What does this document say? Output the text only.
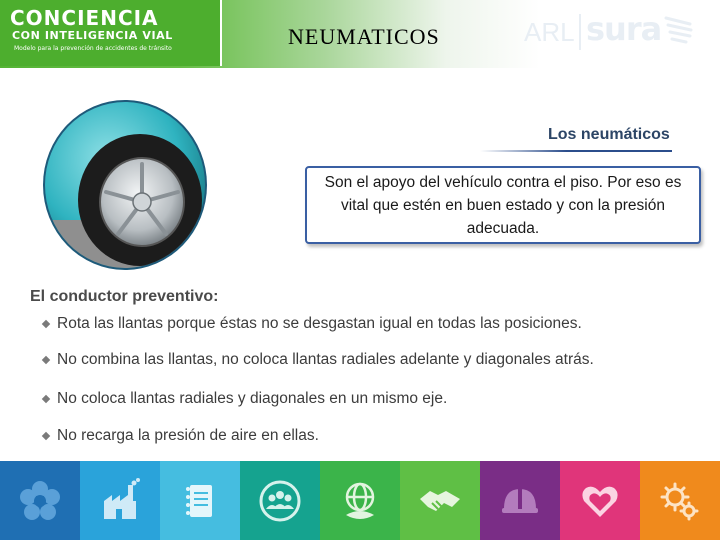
CONCIENCIA
CON INTELIGENCIA VIAL
Modelo para la prevención de accidentes de tránsito	NEUMATICOS	ARL sura
Los neumáticos
Son el apoyo del vehículo contra el piso. Por eso es vital que estén en buen estado y con la presión adecuada.
El conductor preventivo:
Rota las llantas porque éstas no se desgastan igual en todas las posiciones.
No combina las llantas, no coloca llantas radiales adelante y diagonales atrás.
No coloca llantas radiales y diagonales en un mismo eje.
No recarga la presión de aire en ellas.
